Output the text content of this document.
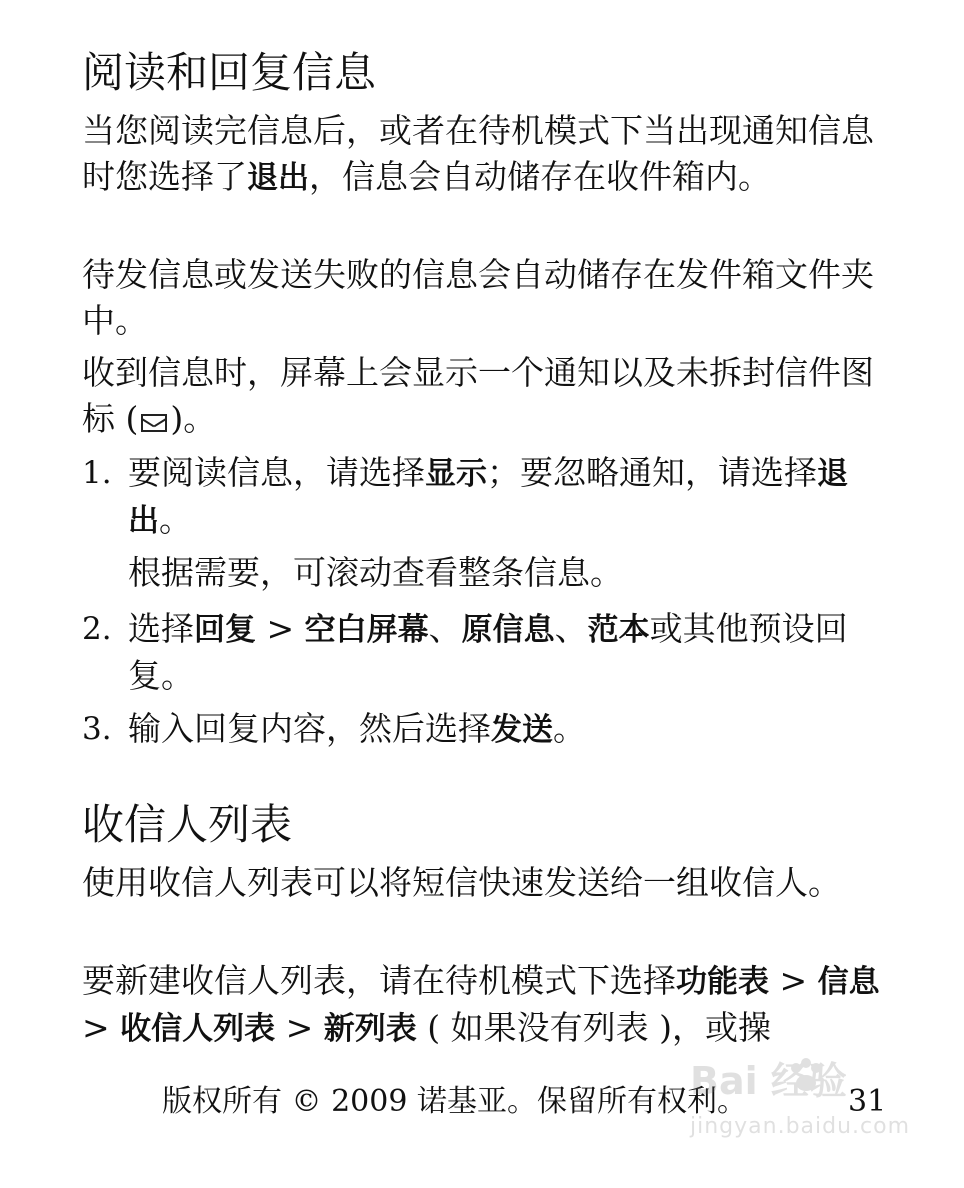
阅读和回复信息

当您阅读完信息后，或者在待机模式下当出现通知信息时您选择了退出，信息会自动储存在收件箱内。

待发信息或发送失败的信息会自动储存在发件箱文件夹中。

收到信息时，屏幕上会显示一个通知以及未拆封信件图标 ( )。

1. 要阅读信息，请选择显示；要忽略通知，请选择退出。

根据需要，可滚动查看整条信息。

2. 选择回复 > 空白屏幕、原信息、范本或其他预设回复。

3. 输入回复内容，然后选择发送。

收信人列表

使用收信人列表可以将短信快速发送给一组收信人。

要新建收信人列表，请在待机模式下选择功能表 > 信息 > 收信人列表 > 新列表 ( 如果没有列表 )，或操

版权所有 © 2009 诺基亚。保留所有权利。	31
Bai 经验
jingyan.baidu.com
